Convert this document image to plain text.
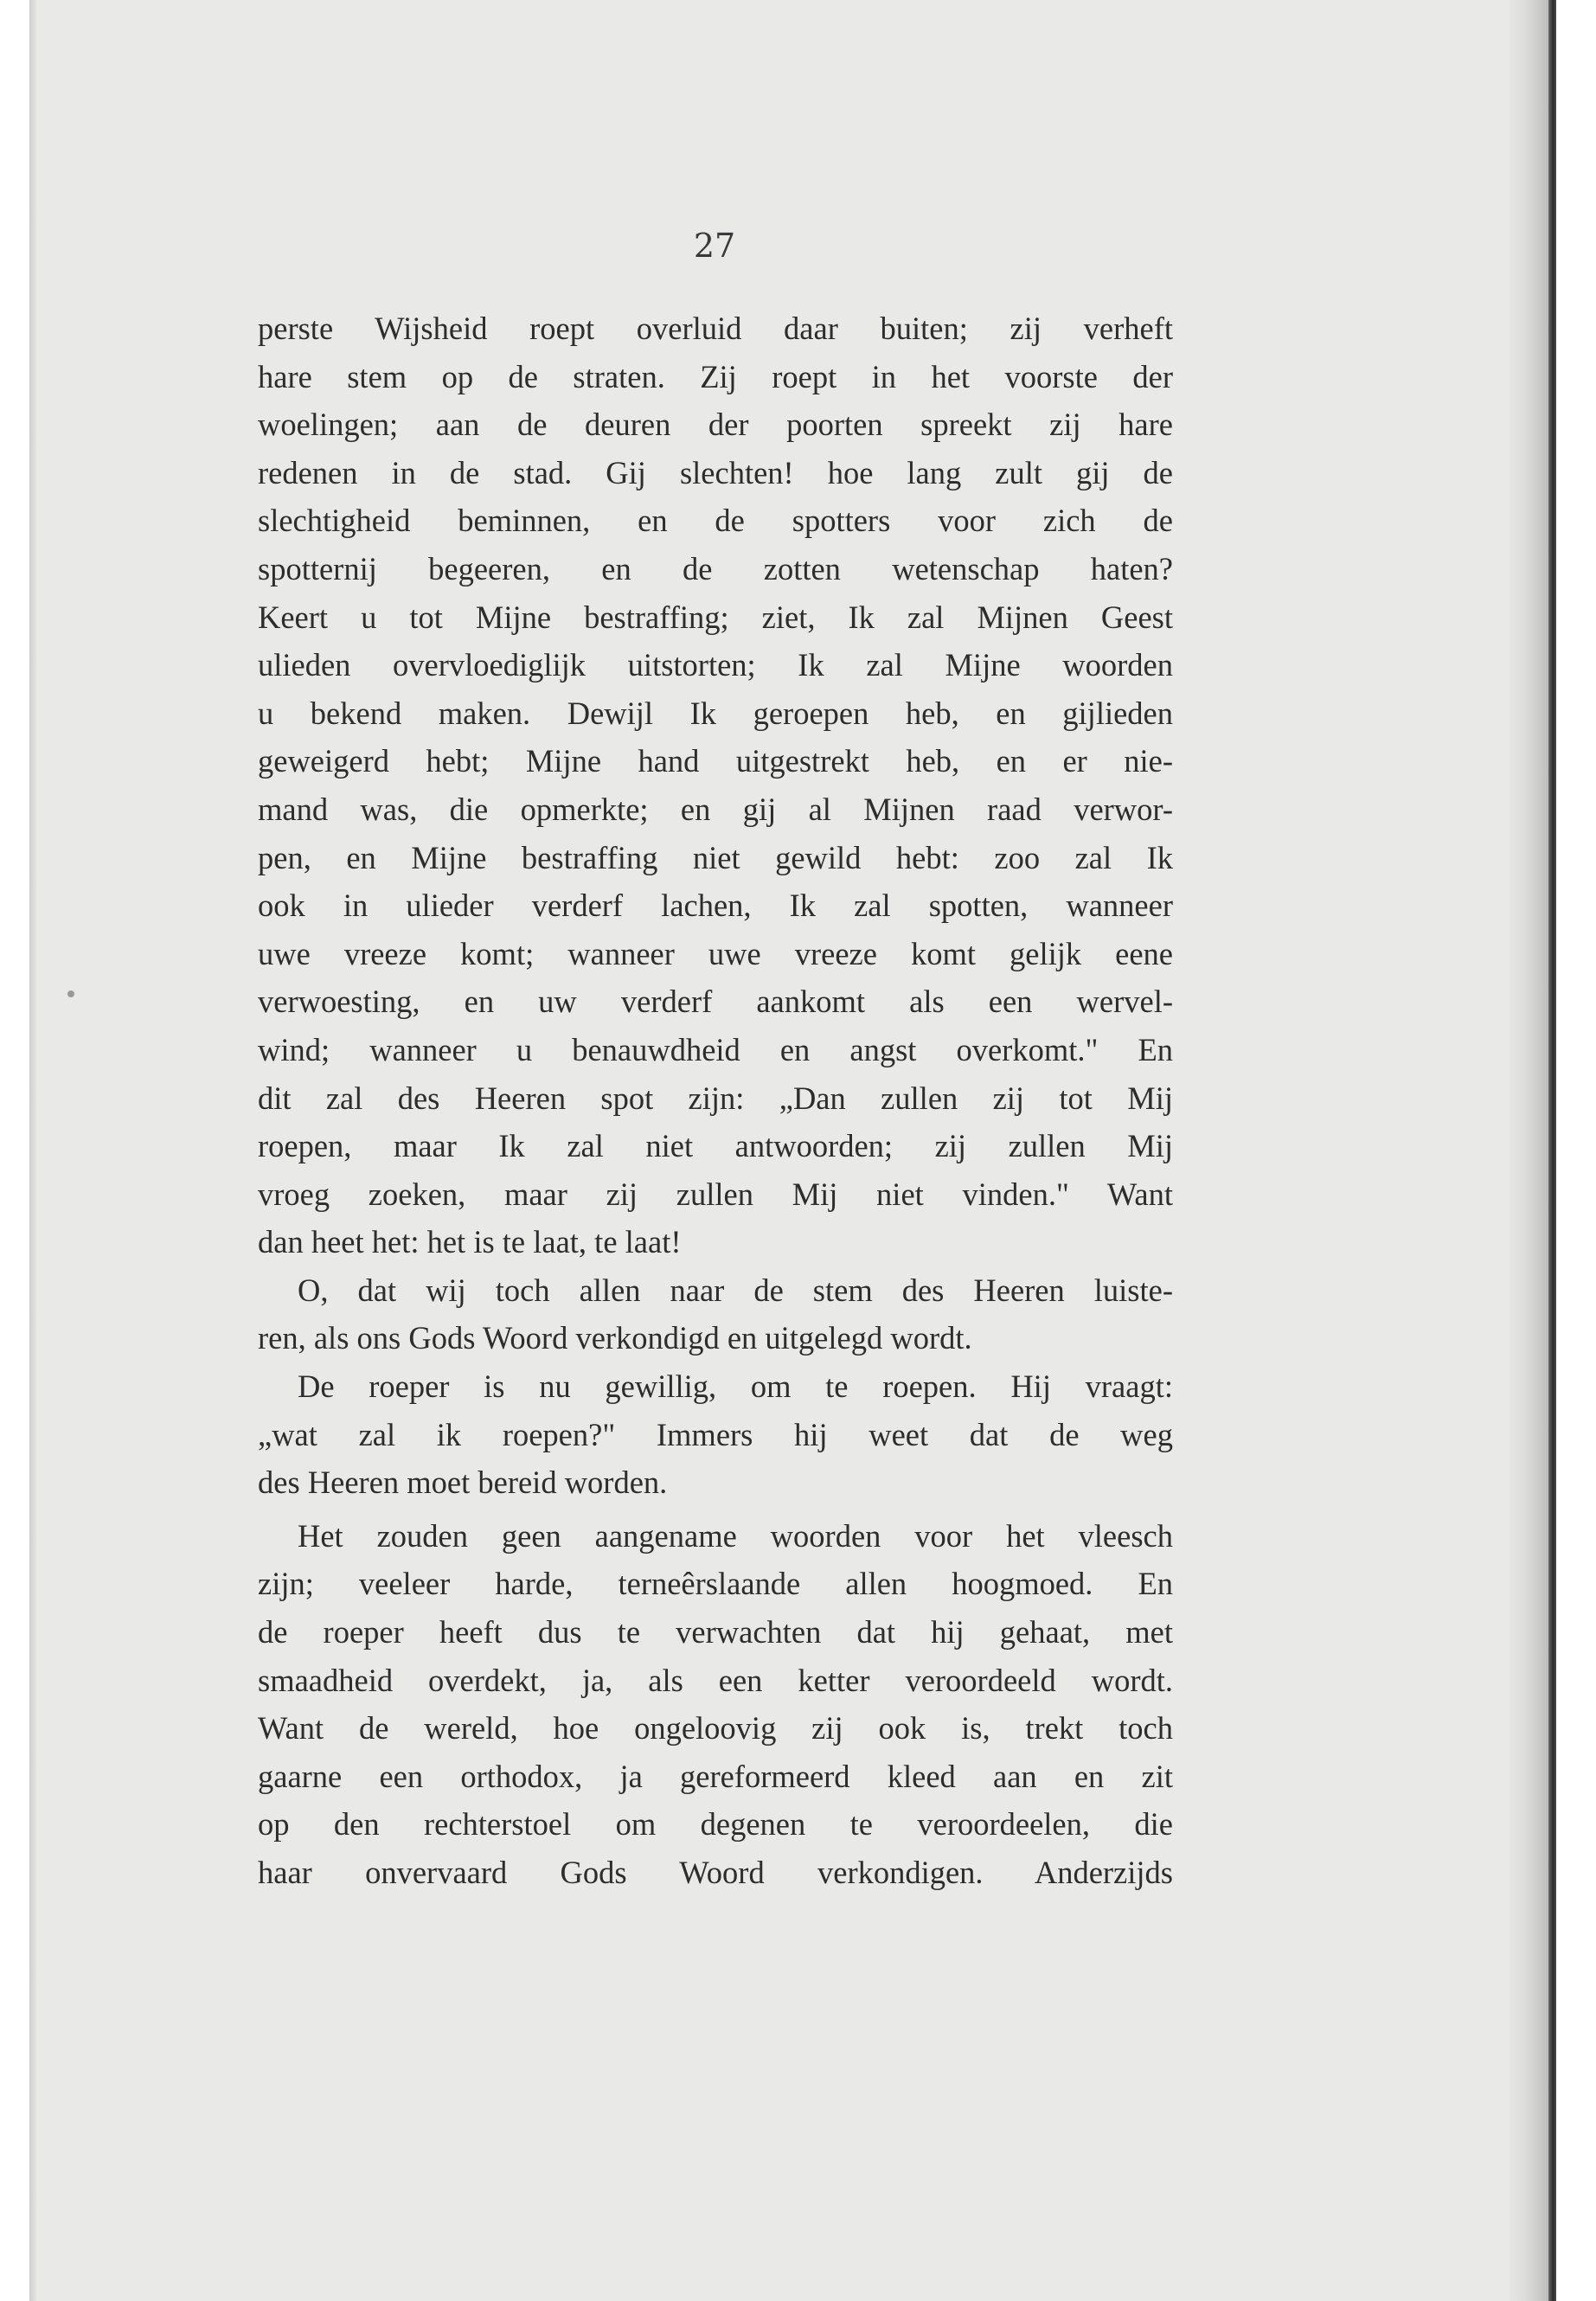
27
perste Wijsheid roept overluid daar buiten; zij verheft
hare stem op de straten. Zij roept in het voorste der
woelingen; aan de deuren der poorten spreekt zij hare
redenen in de stad. Gij slechten! hoe lang zult gij de
slechtigheid beminnen, en de spotters voor zich de
spotternij begeeren, en de zotten wetenschap haten?
Keert u tot Mijne bestraffing; ziet, Ik zal Mijnen Geest
ulieden overvloediglijk uitstorten; Ik zal Mijne woorden
u bekend maken. Dewijl Ik geroepen heb, en gijlieden
geweigerd hebt; Mijne hand uitgestrekt heb, en er nie-
mand was, die opmerkte; en gij al Mijnen raad verwor-
pen, en Mijne bestraffing niet gewild hebt: zoo zal Ik
ook in ulieder verderf lachen, Ik zal spotten, wanneer
uwe vreeze komt; wanneer uwe vreeze komt gelijk eene
verwoesting, en uw verderf aankomt als een wervel-
wind; wanneer u benauwdheid en angst overkomt." En
dit zal des Heeren spot zijn: „Dan zullen zij tot Mij
roepen, maar Ik zal niet antwoorden; zij zullen Mij
vroeg zoeken, maar zij zullen Mij niet vinden." Want
dan heet het: het is te laat, te laat!
O, dat wij toch allen naar de stem des Heeren luiste-
ren, als ons Gods Woord verkondigd en uitgelegd wordt.
De roeper is nu gewillig, om te roepen. Hij vraagt:
„wat zal ik roepen?" Immers hij weet dat de weg
des Heeren moet bereid worden.
Het zouden geen aangename woorden voor het vleesch
zijn; veeleer harde, terneêrslaande allen hoogmoed. En
de roeper heeft dus te verwachten dat hij gehaat, met
smaadheid overdekt, ja, als een ketter veroordeeld wordt.
Want de wereld, hoe ongeloovig zij ook is, trekt toch
gaarne een orthodox, ja gereformeerd kleed aan en zit
op den rechterstoel om degenen te veroordeelen, die
haar onvervaard Gods Woord verkondigen. Anderzijds
